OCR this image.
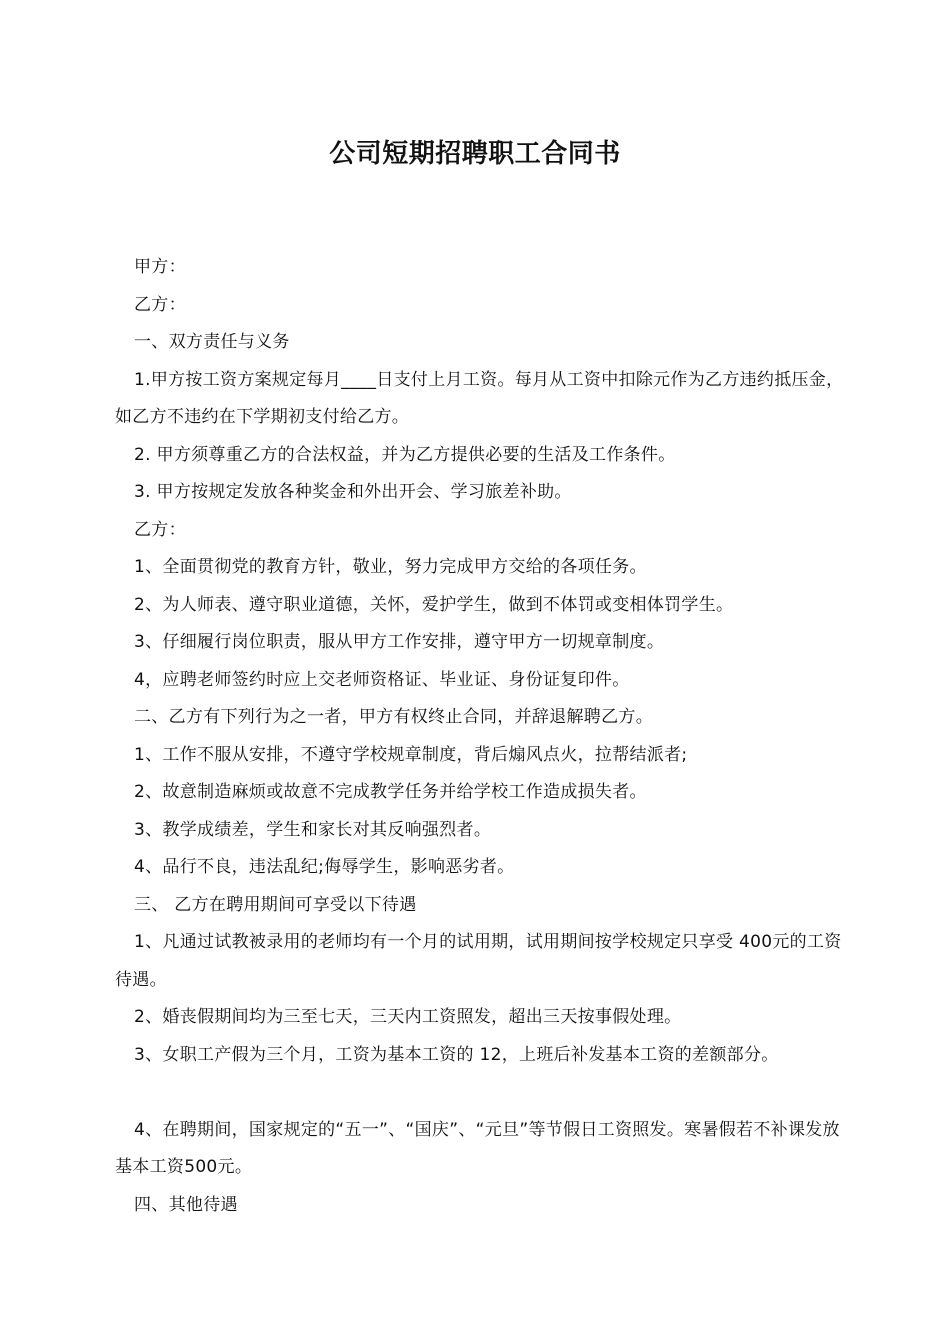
公司短期招聘职工合同书

甲方：

乙方：

一、双方责任与义务

1.甲方按工资方案规定每月____日支付上月工资。每月从工资中扣除元作为乙方违约抵压金，如乙方不违约在下学期初支付给乙方。

2. 甲方须尊重乙方的合法权益，并为乙方提供必要的生活及工作条件。

3. 甲方按规定发放各种奖金和外出开会、学习旅差补助。

乙方：

1、全面贯彻党的教育方针，敬业，努力完成甲方交给的各项任务。

2、为人师表、遵守职业道德，关怀，爱护学生，做到不体罚或变相体罚学生。

3、仔细履行岗位职责，服从甲方工作安排，遵守甲方一切规章制度。

4，应聘老师签约时应上交老师资格证、毕业证、身份证复印件。

二、乙方有下列行为之一者，甲方有权终止合同，并辞退解聘乙方。

1、工作不服从安排，不遵守学校规章制度，背后煽风点火，拉帮结派者;

2、故意制造麻烦或故意不完成教学任务并给学校工作造成损失者。

3、教学成绩差，学生和家长对其反响强烈者。

4、品行不良，违法乱纪;侮辱学生，影响恶劣者。

三、 乙方在聘用期间可享受以下待遇

1、凡通过试教被录用的老师均有一个月的试用期，试用期间按学校规定只享受 400元的工资待遇。

2、婚丧假期间均为三至七天，三天内工资照发，超出三天按事假处理。

3、女职工产假为三个月，工资为基本工资的 12，上班后补发基本工资的差额部分。

4、在聘期间，国家规定的“五一”、“国庆”、“元旦”等节假日工资照发。寒暑假若不补课发放基本工资500元。

四、其他待遇
